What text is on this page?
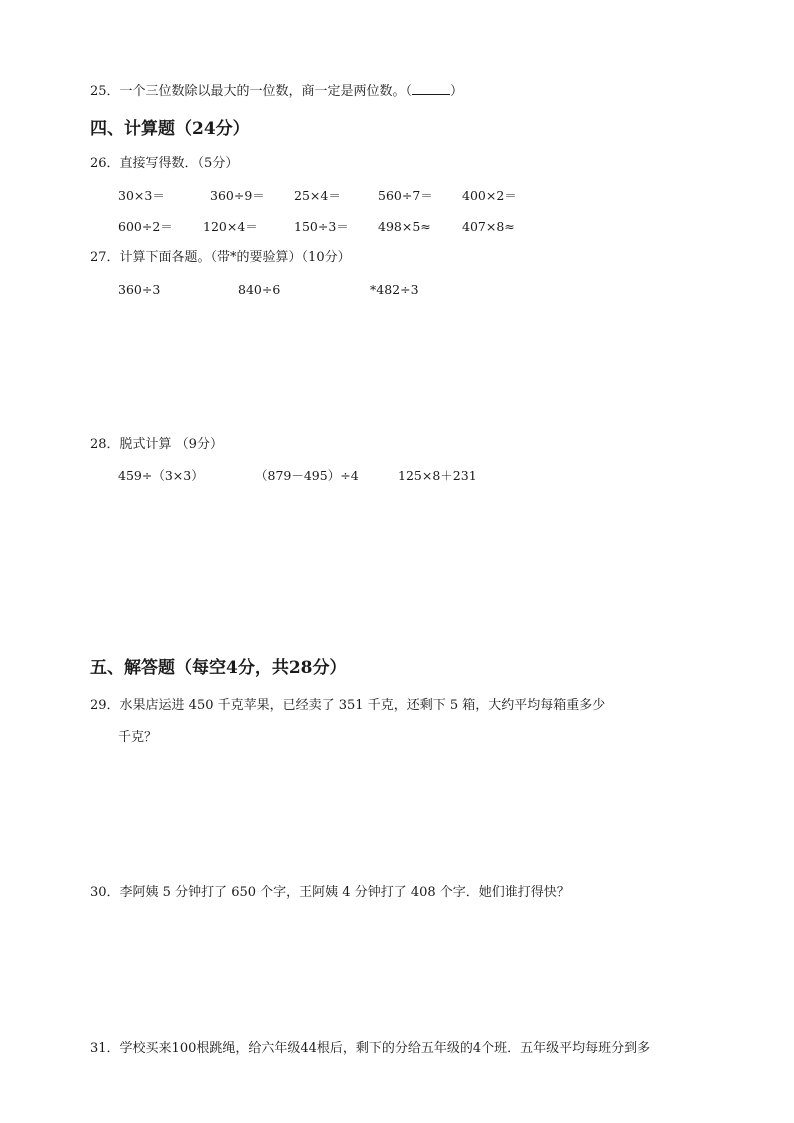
25．一个三位数除以最大的一位数，商一定是两位数。（	）
四、计算题（24分）
26．直接写得数．（5分）
30×3＝	360÷9＝ 25×4＝	560÷7＝ 400×2＝
600÷2＝ 120×4＝	150÷3＝ 498×5≈ 407×8≈
27．计算下面各题。（带*的要验算）（10分）
360÷3	840÷6	*482÷3
28．脱式计算 （9分）
459÷（3×3）	（879－495）÷4	125×8＋231
五、解答题（每空4分，共28分）
29．水果店运进 450 千克苹果，已经卖了 351 千克，还剩下 5 箱，大约平均每箱重多少
千克？
30．李阿姨 5 分钟打了 650 个字，王阿姨 4 分钟打了 408 个字．她们谁打得快？
31．学校买来100根跳绳，给六年级44根后，剩下的分给五年级的4个班．五年级平均每班分到多
